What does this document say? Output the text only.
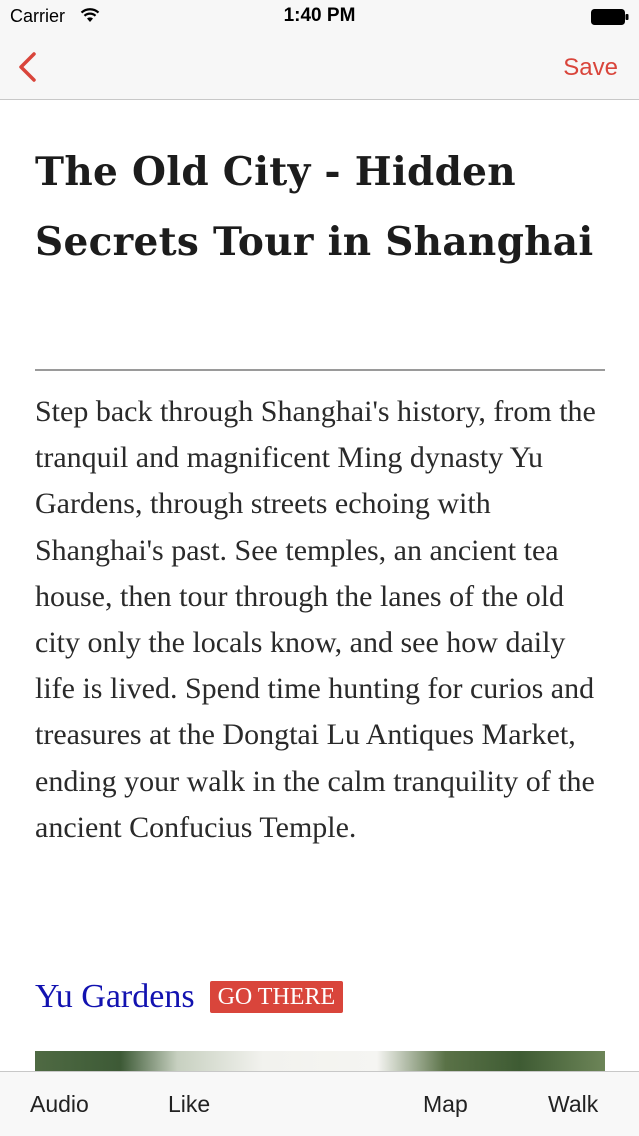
Carrier	1:40 PM
Save
The Old City - Hidden Secrets Tour in Shanghai

Step back through Shanghai's history, from the tranquil and magnificent Ming dynasty Yu Gardens, through streets echoing with Shanghai's past. See temples, an ancient tea house, then tour through the lanes of the old city only the locals know, and see how daily life is lived. Spend time hunting for curios and treasures at the Dongtai Lu Antiques Market, ending your walk in the calm tranquility of the ancient Confucius Temple.

Yu Gardens GO THERE
Audio	Like	Map	Walk
